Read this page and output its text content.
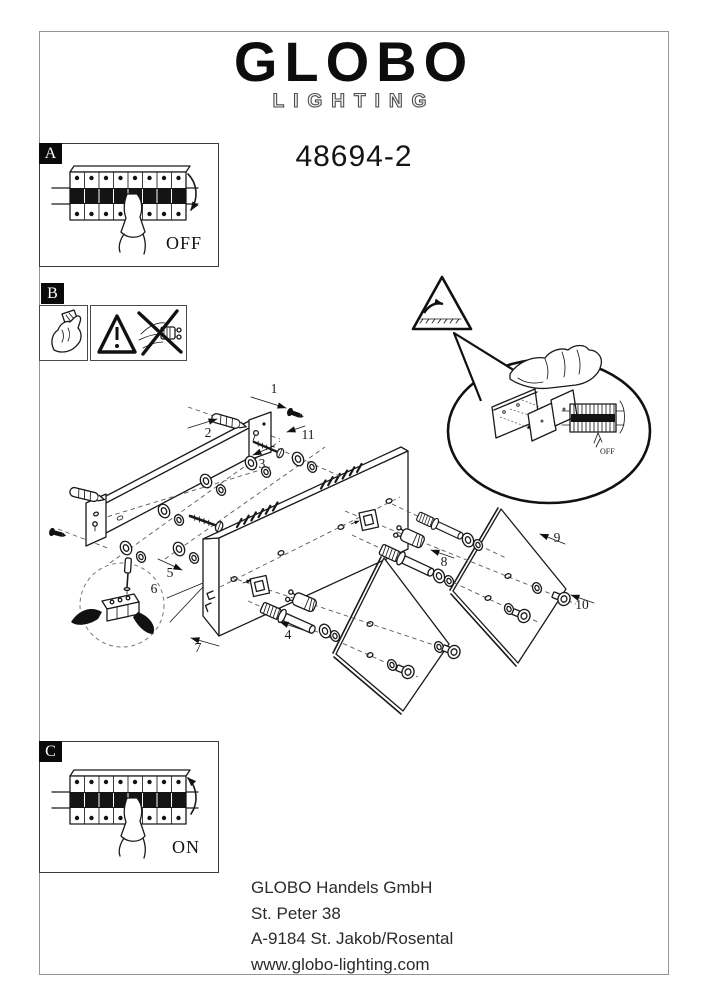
GLOBO
LIGHTING
48694-2
A
OFF
B
OFF
1
2
3
4
5
6
7
8
9
10
11
C
ON
GLOBO Handels GmbH
St. Peter 38
A-9184 St. Jakob/Rosental
www.globo-lighting.com
